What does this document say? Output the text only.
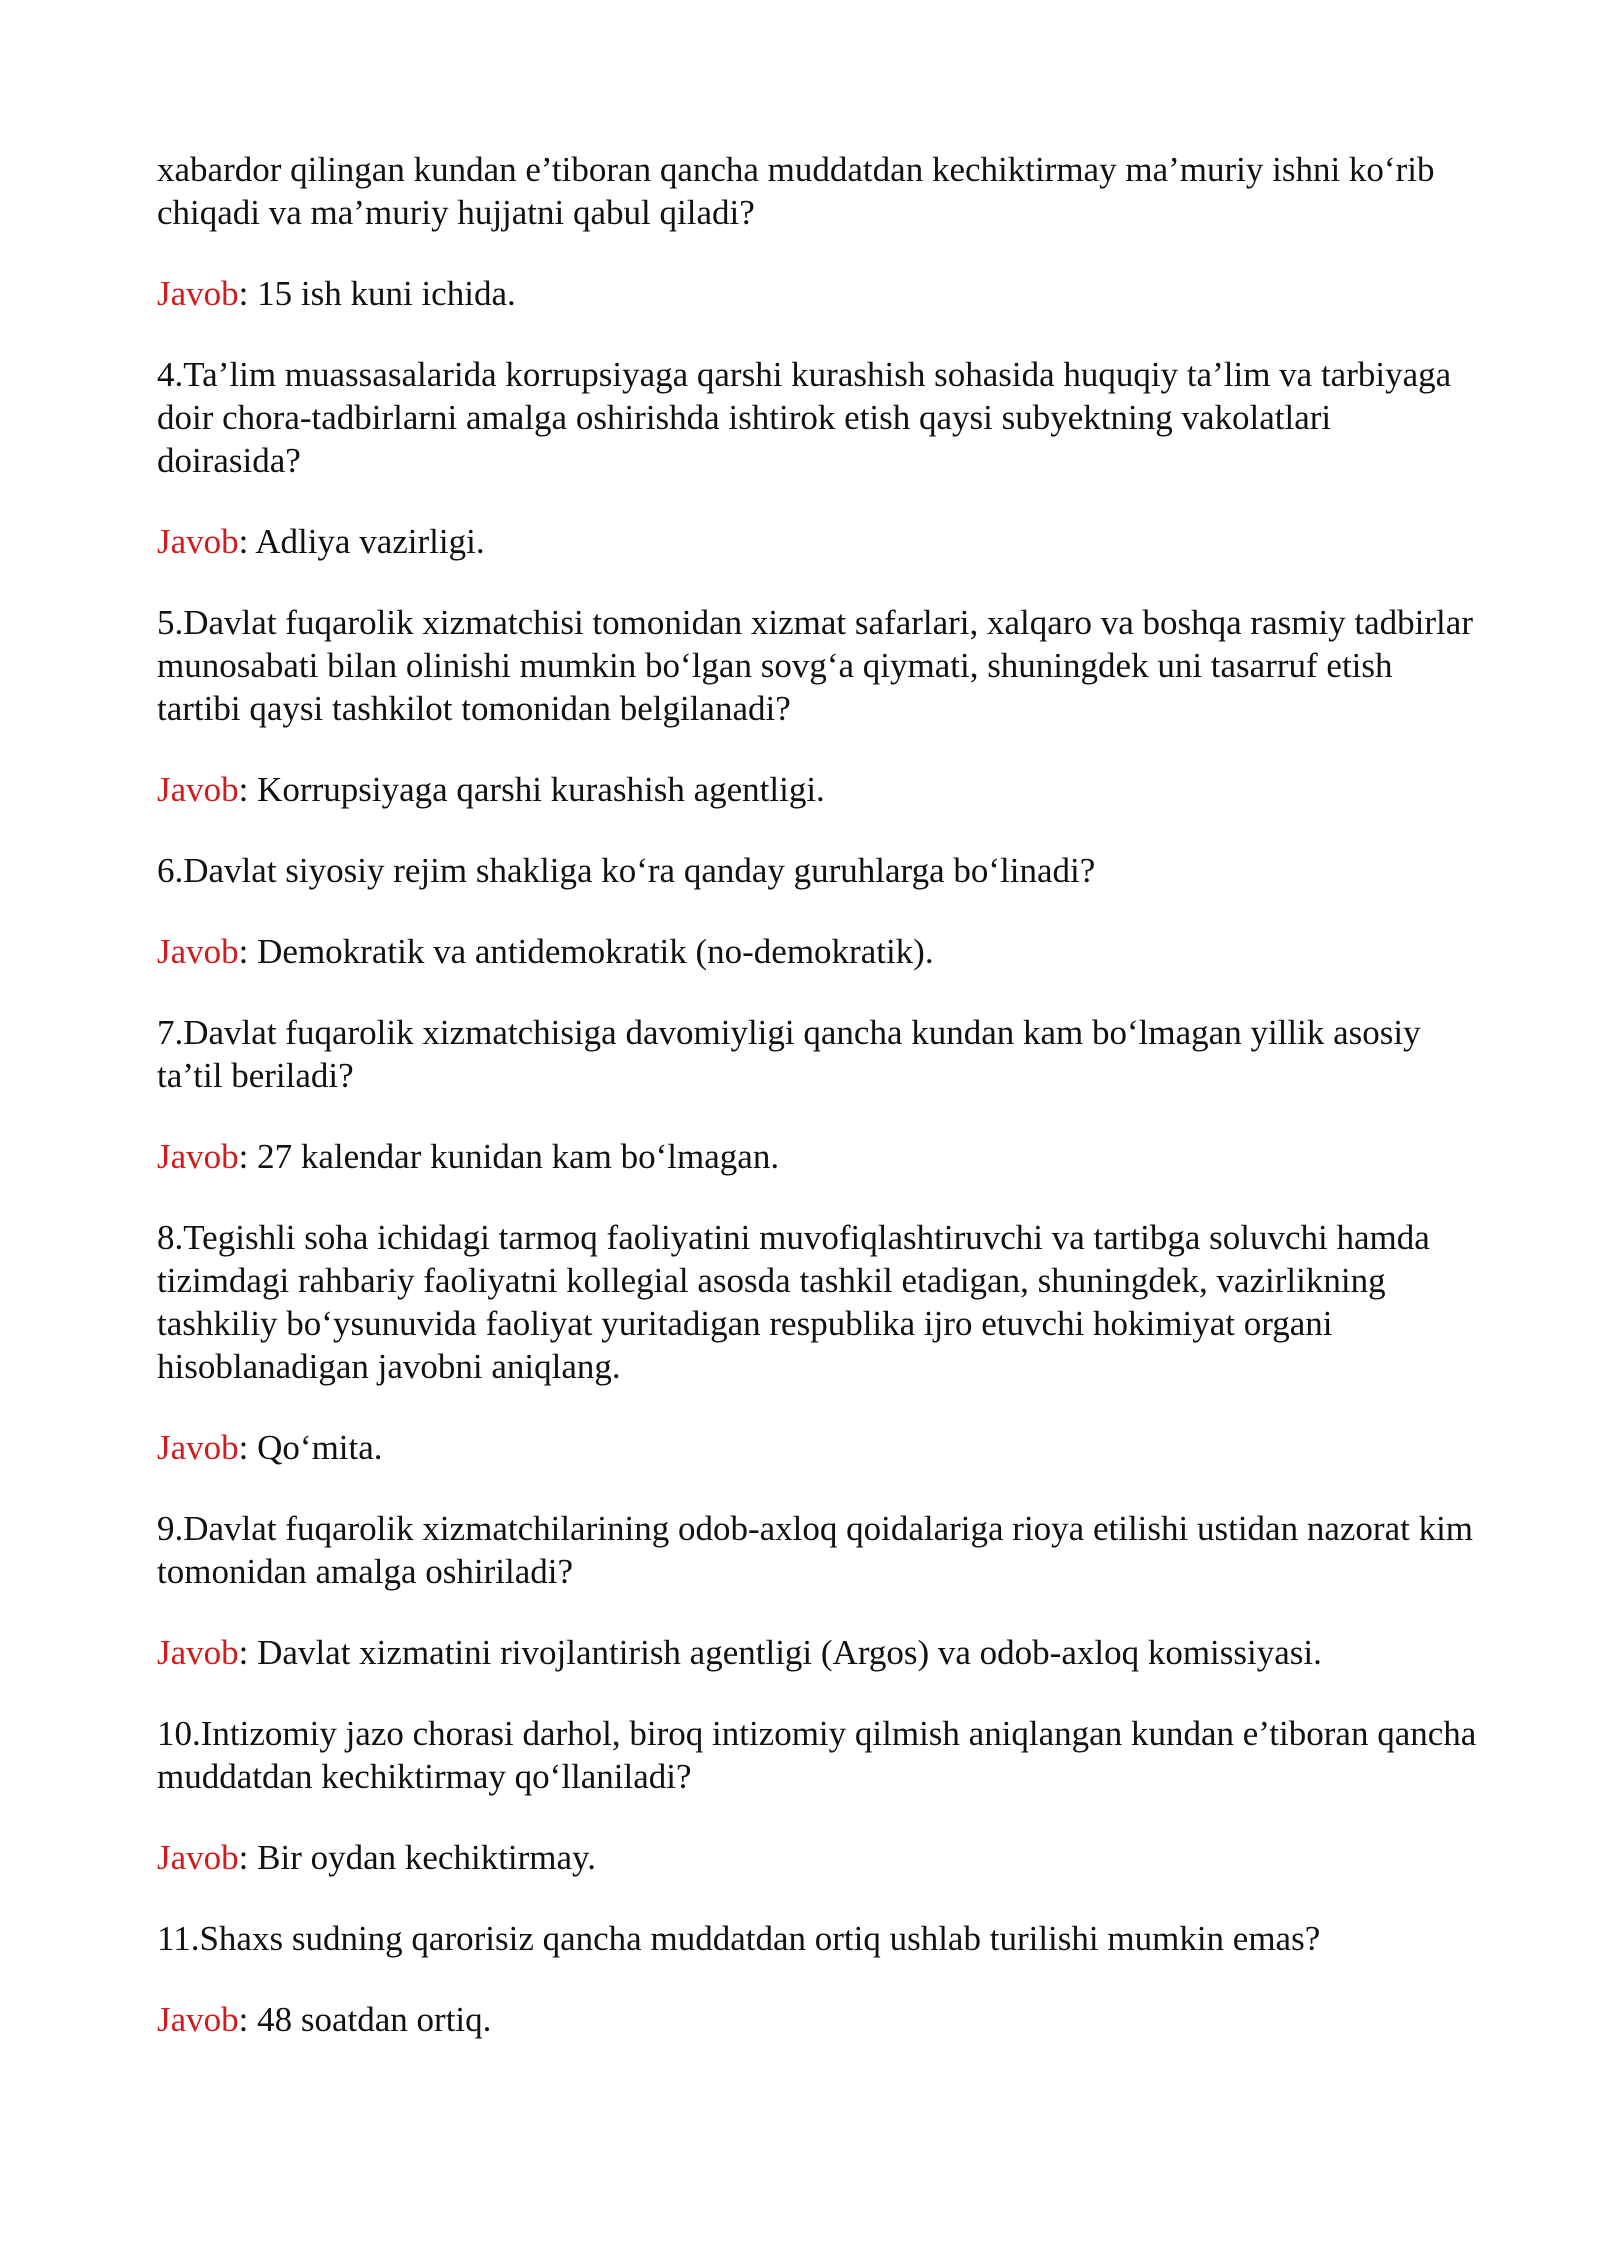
xabardor qilingan kundan e’tiboran qancha muddatdan kechiktirmay ma’muriy ishni ko‘rib chiqadi va ma’muriy hujjatni qabul qiladi?

Javob: 15 ish kuni ichida.

4.Ta’lim muassasalarida korrupsiyaga qarshi kurashish sohasida huquqiy ta’lim va tarbiyaga doir chora-tadbirlarni amalga oshirishda ishtirok etish qaysi subyektning vakolatlari doirasida?

Javob: Adliya vazirligi.

5.Davlat fuqarolik xizmatchisi tomonidan xizmat safarlari, xalqaro va boshqa rasmiy tadbirlar munosabati bilan olinishi mumkin bo‘lgan sovg‘a qiymati, shuningdek uni tasarruf etish tartibi qaysi tashkilot tomonidan belgilanadi?

Javob: Korrupsiyaga qarshi kurashish agentligi.

6.Davlat siyosiy rejim shakliga ko‘ra qanday guruhlarga bo‘linadi?

Javob: Demokratik va antidemokratik (no-demokratik).

7.Davlat fuqarolik xizmatchisiga davomiyligi qancha kundan kam bo‘lmagan yillik asosiy ta’til beriladi?

Javob: 27 kalendar kunidan kam bo‘lmagan.

8.Tegishli soha ichidagi tarmoq faoliyatini muvofiqlashtiruvchi va tartibga soluvchi hamda tizimdagi rahbariy faoliyatni kollegial asosda tashkil etadigan, shuningdek, vazirlikning tashkiliy bo‘ysunuvida faoliyat yuritadigan respublika ijro etuvchi hokimiyat organi hisoblanadigan javobni aniqlang.

Javob: Qo‘mita.

9.Davlat fuqarolik xizmatchilarining odob-axloq qoidalariga rioya etilishi ustidan nazorat kim tomonidan amalga oshiriladi?

Javob: Davlat xizmatini rivojlantirish agentligi (Argos) va odob-axloq komissiyasi.

10.Intizomiy jazo chorasi darhol, biroq intizomiy qilmish aniqlangan kundan e’tiboran qancha muddatdan kechiktirmay qo‘llaniladi?

Javob: Bir oydan kechiktirmay.

11.Shaxs sudning qarorisiz qancha muddatdan ortiq ushlab turilishi mumkin emas?

Javob: 48 soatdan ortiq.
